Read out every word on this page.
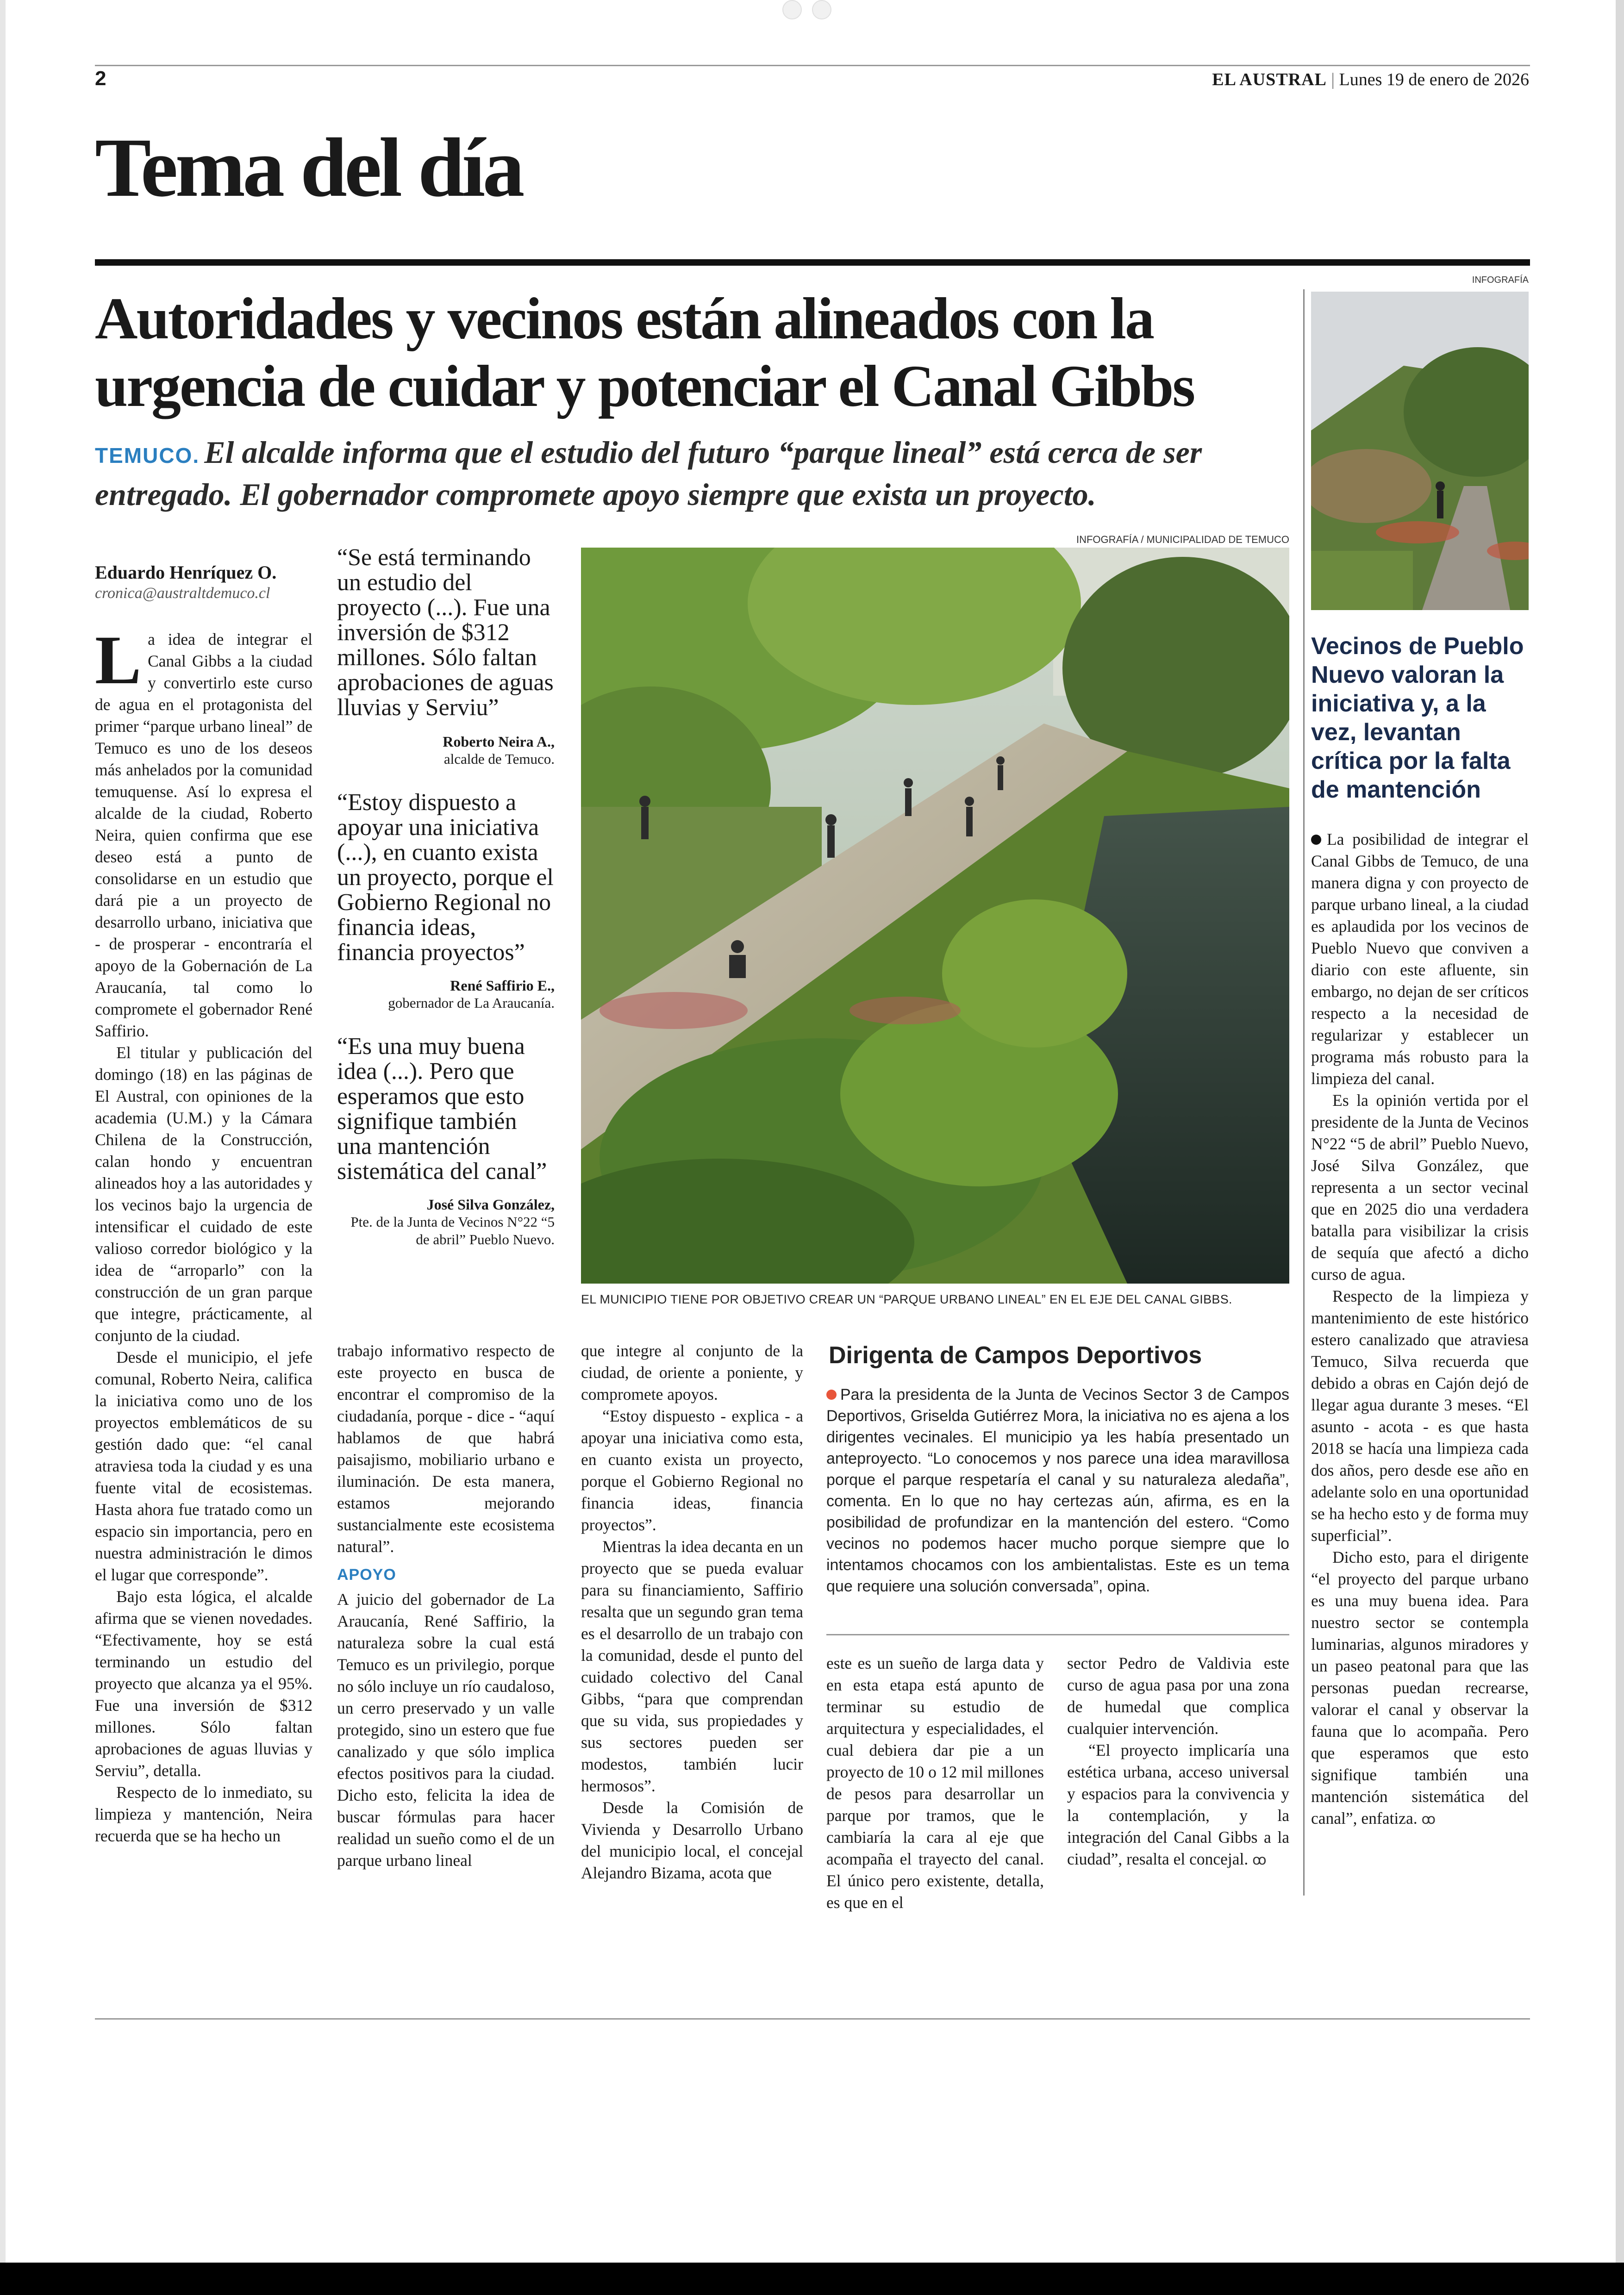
2	EL AUSTRAL | Lunes 19 de enero de 2026
Tema del día
Autoridades y vecinos están alineados con la urgencia de cuidar y potenciar el Canal Gibbs
TEMUCO. El alcalde informa que el estudio del futuro “parque lineal” está cerca de ser entregado. El gobernador compromete apoyo siempre que exista un proyecto.
Eduardo Henríquez O.
cronica@australtdemuco.cl

La idea de integrar el Canal Gibbs a la ciudad y convertirlo este curso de agua en el protagonista del primer “parque urbano lineal” de Temuco es uno de los deseos más anhelados por la comunidad temuquense. Así lo expresa el alcalde de la ciudad, Roberto Neira, quien confirma que ese deseo está a punto de consolidarse en un estudio que dará pie a un proyecto de desarrollo urbano, iniciativa que - de prosperar - encontraría el apoyo de la Gobernación de La Araucanía, tal como lo compromete el gobernador René Saffirio.

El titular y publicación del domingo (18) en las páginas de El Austral, con opiniones de la academia (U.M.) y la Cámara Chilena de la Construcción, calan hondo y encuentran alineados hoy a las autoridades y los vecinos bajo la urgencia de intensificar el cuidado de este valioso corredor biológico y la idea de “arroparlo” con la construcción de un gran parque que integre, prácticamente, al conjunto de la ciudad.

Desde el municipio, el jefe comunal, Roberto Neira, califica la iniciativa como uno de los proyectos emblemáticos de su gestión dado que: “el canal atraviesa toda la ciudad y es una fuente vital de ecosistemas. Hasta ahora fue tratado como un espacio sin importancia, pero en nuestra administración le dimos el lugar que corresponde”.

Bajo esta lógica, el alcalde afirma que se vienen novedades. “Efectivamente, hoy se está terminando un estudio del proyecto que alcanza ya el 95%. Fue una inversión de $312 millones. Sólo faltan aprobaciones de aguas lluvias y Serviu”, detalla.

Respecto de lo inmediato, su limpieza y mantención, Neira recuerda que se ha hecho un

“Se está terminando un estudio del proyecto (...). Fue una inversión de $312 millones. Sólo faltan aprobaciones de aguas lluvias y Serviu”
Roberto Neira A.,
alcalde de Temuco.
“Estoy dispuesto a apoyar una iniciativa (...), en cuanto exista un proyecto, porque el Gobierno Regional no financia ideas, financia proyectos”
René Saffirio E.,
gobernador de La Araucanía.
“Es una muy buena idea (...). Pero que esperamos que esto signifique también una mantención sistemática del canal”
José Silva González,
Pte. de la Junta de Vecinos N°22 “5 de abril” Pueblo Nuevo.
INFOGRAFÍA / MUNICIPALIDAD DE TEMUCO
EL MUNICIPIO TIENE POR OBJETIVO CREAR UN “PARQUE URBANO LINEAL” EN EL EJE DEL CANAL GIBBS.

trabajo informativo respecto de este proyecto en busca de encontrar el compromiso de la ciudadanía, porque - dice - “aquí hablamos de que habrá paisajismo, mobiliario urbano e iluminación. De esta manera, estamos mejorando sustancialmente este ecosistema natural”.

APOYO

A juicio del gobernador de La Araucanía, René Saffirio, la naturaleza sobre la cual está Temuco es un privilegio, porque no sólo incluye un río caudaloso, un cerro preservado y un valle protegido, sino un estero que fue canalizado y que sólo implica efectos positivos para la ciudad. Dicho esto, felicita la idea de buscar fórmulas para hacer realidad un sueño como el de un parque urbano lineal

que integre al conjunto de la ciudad, de oriente a poniente, y compromete apoyos.

“Estoy dispuesto - explica - a apoyar una iniciativa como esta, en cuanto exista un proyecto, porque el Gobierno Regional no financia ideas, financia proyectos”.

Mientras la idea decanta en un proyecto que se pueda evaluar para su financiamiento, Saffirio resalta que un segundo gran tema es el desarrollo de un trabajo con la comunidad, desde el punto del cuidado colectivo del Canal Gibbs, “para que comprendan que su vida, sus propiedades y sus sectores pueden ser modestos, también lucir hermosos”.

Desde la Comisión de Vivienda y Desarrollo Urbano del municipio local, el concejal Alejandro Bizama, acota que

Dirigenta de Campos Deportivos
Para la presidenta de la Junta de Vecinos Sector 3 de Campos Deportivos, Griselda Gutiérrez Mora, la iniciativa no es ajena a los dirigentes vecinales. El municipio ya les había presentado un anteproyecto. “Lo conocemos y nos parece una idea maravillosa porque el parque respetaría el canal y su naturaleza aledaña”, comenta. En lo que no hay certezas aún, afirma, es en la posibilidad de profundizar en la mantención del estero. “Como vecinos no podemos hacer mucho porque siempre que lo intentamos chocamos con los ambientalistas. Este es un tema que requiere una solución conversada”, opina.

este es un sueño de larga data y en esta etapa está apunto de terminar su estudio de arquitectura y especialidades, el cual debiera dar pie a un proyecto de 10 o 12 mil millones de pesos para desarrollar un parque por tramos, que le cambiaría la cara al eje que acompaña el trayecto del canal. El único pero existente, detalla, es que en el

sector Pedro de Valdivia este curso de agua pasa por una zona de humedal que complica cualquier intervención.

“El proyecto implicaría una estética urbana, acceso universal y espacios para la convivencia y la contemplación, y la integración del Canal Gibbs a la ciudad”, resalta el concejal. ꝏ

INFOGRAFÍA
Vecinos de Pueblo Nuevo valoran la iniciativa y, a la vez, levantan crítica por la falta de mantención

La posibilidad de integrar el Canal Gibbs de Temuco, de una manera digna y con proyecto de parque urbano lineal, a la ciudad es aplaudida por los vecinos de Pueblo Nuevo que conviven a diario con este afluente, sin embargo, no dejan de ser críticos respecto a la necesidad de regularizar y establecer un programa más robusto para la limpieza del canal.

Es la opinión vertida por el presidente de la Junta de Vecinos N°22 “5 de abril” Pueblo Nuevo, José Silva González, que representa a un sector vecinal que en 2025 dio una verdadera batalla para visibilizar la crisis de sequía que afectó a dicho curso de agua.

Respecto de la limpieza y mantenimiento de este histórico estero canalizado que atraviesa Temuco, Silva recuerda que debido a obras en Cajón dejó de llegar agua durante 3 meses. “El asunto - acota - es que hasta 2018 se hacía una limpieza cada dos años, pero desde ese año en adelante solo en una oportunidad se ha hecho esto y de forma muy superficial”.

Dicho esto, para el dirigente “el proyecto del parque urbano es una muy buena idea. Para nuestro sector se contempla luminarias, algunos miradores y un paseo peatonal para que las personas puedan recrearse, valorar el canal y observar la fauna que lo acompaña. Pero que esperamos que esto signifique también una mantención sistemática del canal”, enfatiza. ꝏ
